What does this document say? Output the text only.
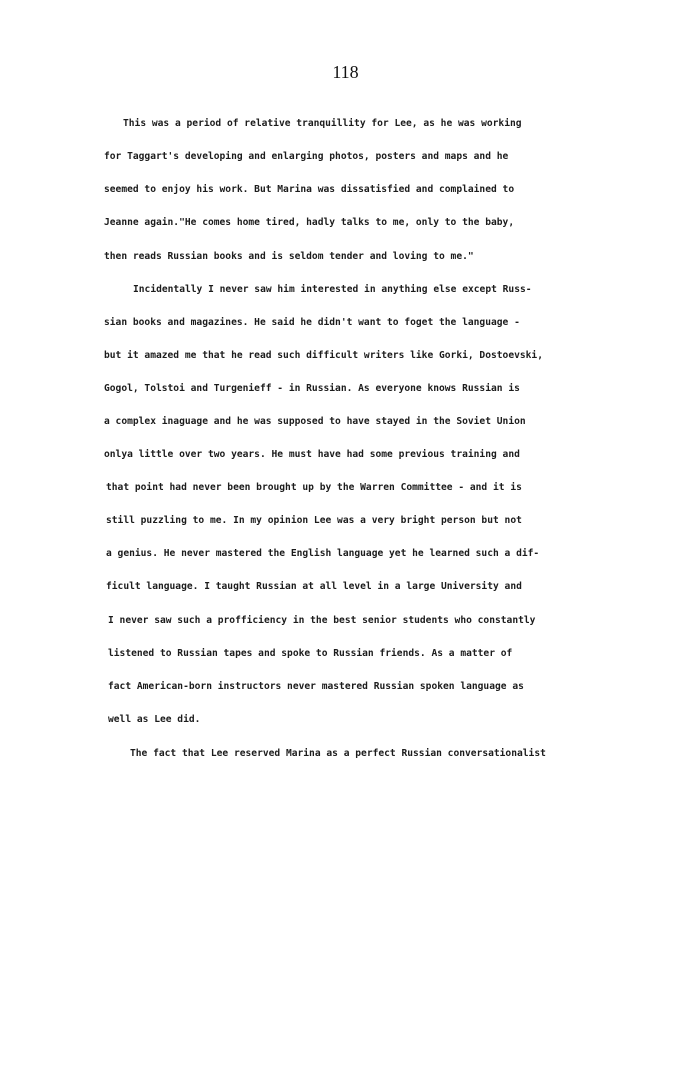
118
This was a period of relative tranquillity for Lee, as he was working
for Taggart's developing and enlarging photos, posters and maps and he
seemed to enjoy his work. But Marina was dissatisfied and complained to
Jeanne again."He comes home tired, hadly talks to me, only to the baby,
then reads Russian books and is seldom tender and loving to me."
Incidentally I never saw him interested in anything else except Russ-
sian books and magazines. He said he didn't want to foget the language -
but it amazed me that he read such difficult writers like Gorki, Dostoevski,
Gogol, Tolstoi and Turgenieff - in Russian. As everyone knows Russian is
a complex inaguage and he was supposed to have stayed in the Soviet Union
onlya little over two years. He must have had some previous training and
that point had never been brought up by the Warren Committee - and it is
still puzzling to me. In my opinion Lee was a very bright person but not
a genius. He never mastered the English language yet he learned such a dif-
ficult language. I taught Russian at all level in a large University and
I never saw such a profficiency in the best senior students who constantly
listened to Russian tapes and spoke to Russian friends. As a matter of
fact American-born instructors never mastered Russian spoken language as
well as Lee did.
The fact that Lee reserved Marina as a perfect Russian conversationalist
